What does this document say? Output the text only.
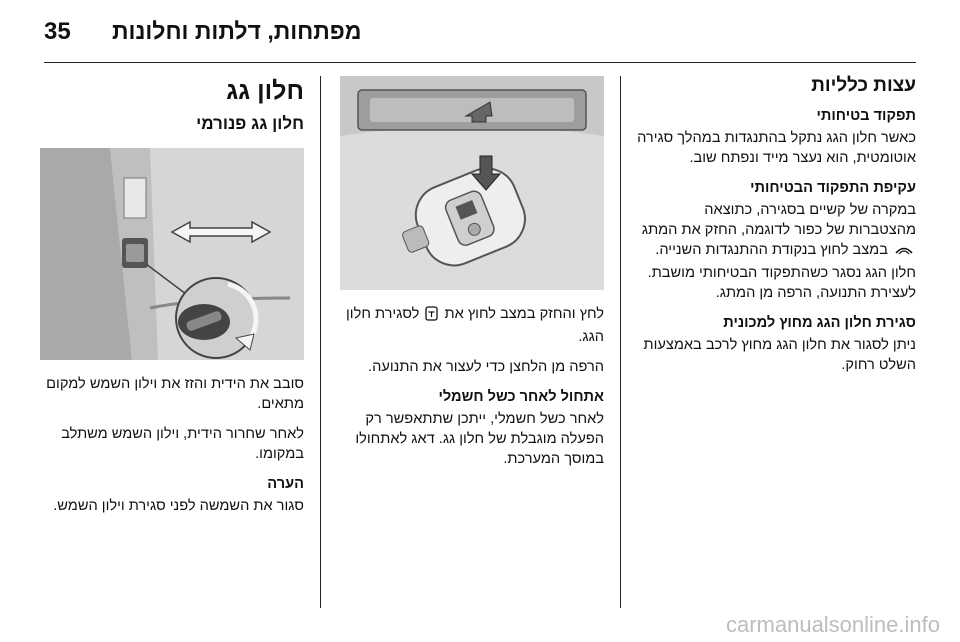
35 מפתחות, דלתות וחלונות
עצות כלליות
תפקוד בטיחותי

כאשר חלון הגג נתקל בהתנגדות במהלך סגירה אוטומטית, הוא נעצר מייד ונפתח שוב.

עקיפת התפקוד הבטיחותי

במקרה של קשיים בסגירה, כתוצאה מהצטברות של כפור לדוגמה, החזק את המתג  במצב לחוץ בנקודת ההתנגדות השנייה. חלון הגג נסגר כשהתפקוד הבטיחותי מושבת. לעצירת התנועה, הרפה מן המתג.

סגירת חלון הגג מחוץ למכונית

ניתן לסגור את חלון הגג מחוץ לרכב באמצעות השלט רחוק.

לחץ והחזק במצב לחוץ את  לסגירת חלון הגג.

הרפה מן הלחצן כדי לעצור את התנועה.

אתחול לאחר כשל חשמלי

לאחר כשל חשמלי, ייתכן שתתאפשר רק הפעלה מוגבלת של חלון גג. דאג לאתחולו במוסך המערכת.

חלון גג
חלון גג פנורמי

סובב את הידית והזז את וילון השמש למקום מתאים.

לאחר שחרור הידית, וילון השמש משתלב במקומו.

הערה

סגור את השמשה לפני סגירת וילון השמש.

carmanualsonline.info
